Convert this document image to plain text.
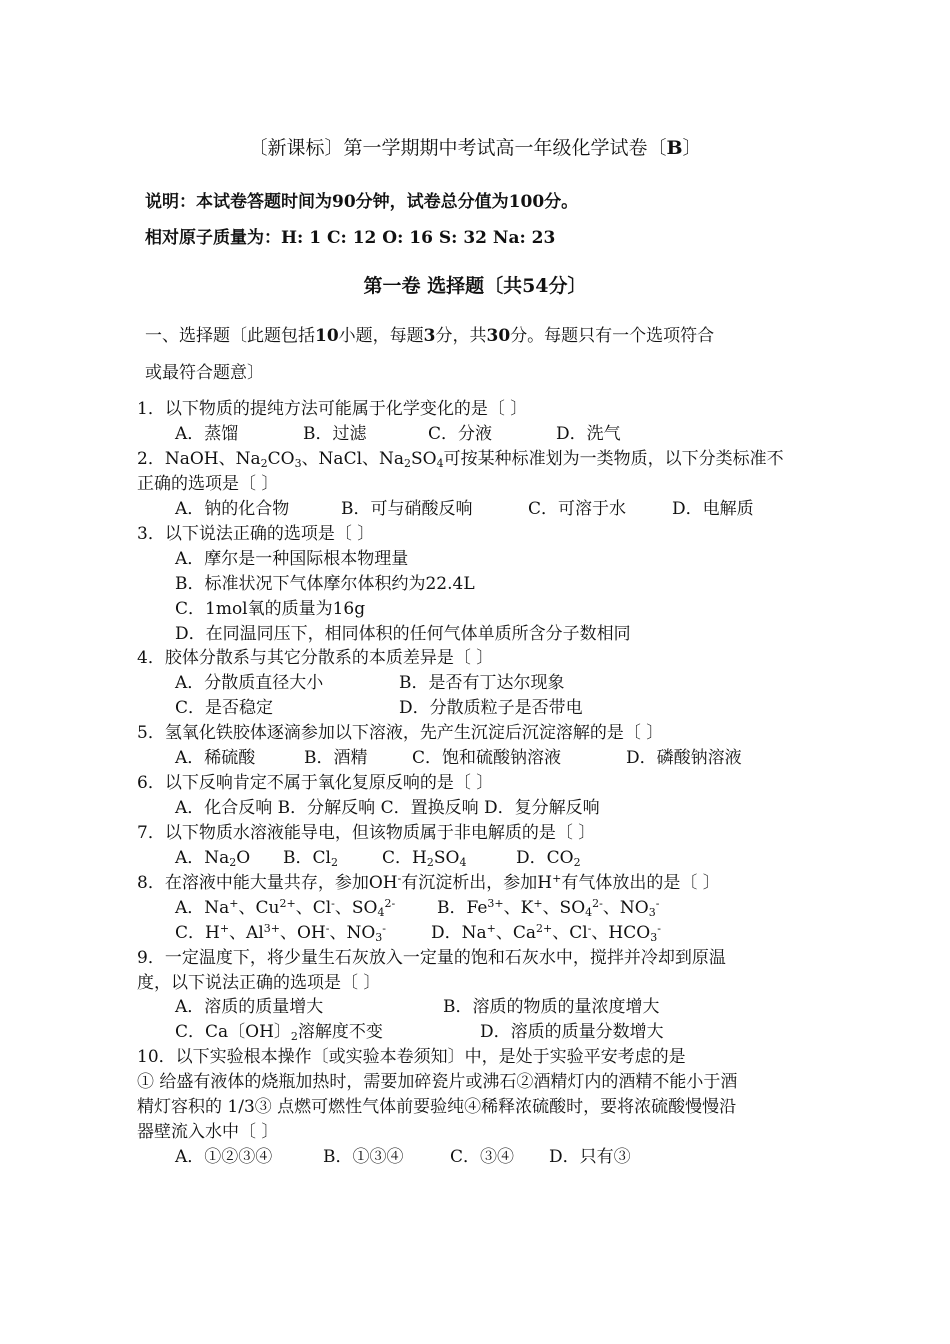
〔新课标〕第一学期期中考试高一年级化学试卷〔B〕
说明：本试卷答题时间为90分钟，试卷总分值为100分。
相对原子质量为：H: 1 C: 12 O: 16 S: 32 Na: 23
第一卷 选择题〔共54分〕
一、选择题〔此题包括10小题，每题3分，共30分。每题只有一个选项符合
或最符合题意〕
1．以下物质的提纯方法可能属于化学变化的是〔 〕
A．蒸馏	B．过滤	C．分液	D．洗气
2．NaOH、$Na_2CO_3$、NaCl、$Na_2SO_4$可按某种标准划为一类物质，以下分类标准不
正确的选项是〔 〕
A．钠的化合物	B．可与硝酸反响	C．可溶于水	D．电解质
3．以下说法正确的选项是〔 〕
A．摩尔是一种国际根本物理量
B．标准状况下气体摩尔体积约为22.4L
C．1mol氧的质量为16g
D．在同温同压下，相同体积的任何气体单质所含分子数相同
4．胶体分散系与其它分散系的本质差异是〔 〕
A．分散质直径大小	B．是否有丁达尔现象
C．是否稳定	D．分散质粒子是否带电
5．氢氧化铁胶体逐滴参加以下溶液，先产生沉淀后沉淀溶解的是〔 〕
A．稀硫酸	B．酒精	C．饱和硫酸钠溶液	D．磷酸钠溶液
6．以下反响肯定不属于氧化复原反响的是〔 〕
A．化合反响 B．分解反响 C．置换反响 D．复分解反响
7．以下物质水溶液能导电，但该物质属于非电解质的是〔 〕
A．$Na_2O$ B．$Cl_2$	C．$H_2SO_4$	D．$CO_2$
8．在溶液中能大量共存，参加OH-有沉淀析出，参加H+有气体放出的是〔 〕
A．Na+、$Cu^{2+}$、Cl-、$SO_4^{2-}$ B．$Fe^{3+}$、K+、$SO_4^{2-}$、$NO_3^-$
C．H+、$Al^{3+}$、OH-、$NO_3^-$	D．Na+、$Ca^{2+}$、Cl-、$HCO_3^-$
9．一定温度下，将少量生石灰放入一定量的饱和石灰水中，搅拌并冷却到原温
度，以下说法正确的选项是〔 〕
A．溶质的质量增大	B．溶质的物质的量浓度增大
C．Ca〔OH〕$_2$溶解度不变	D．溶质的质量分数增大
10．以下实验根本操作〔或实验本卷须知〕中，是处于实验平安考虑的是
① 给盛有液体的烧瓶加热时，需要加碎瓷片或沸石②酒精灯内的酒精不能小于酒
精灯容积的 1/3③ 点燃可燃性气体前要验纯④稀释浓硫酸时，要将浓硫酸慢慢沿
器壁流入水中〔 〕
A．①②③④	B．①③④	C．③④ D．只有③
